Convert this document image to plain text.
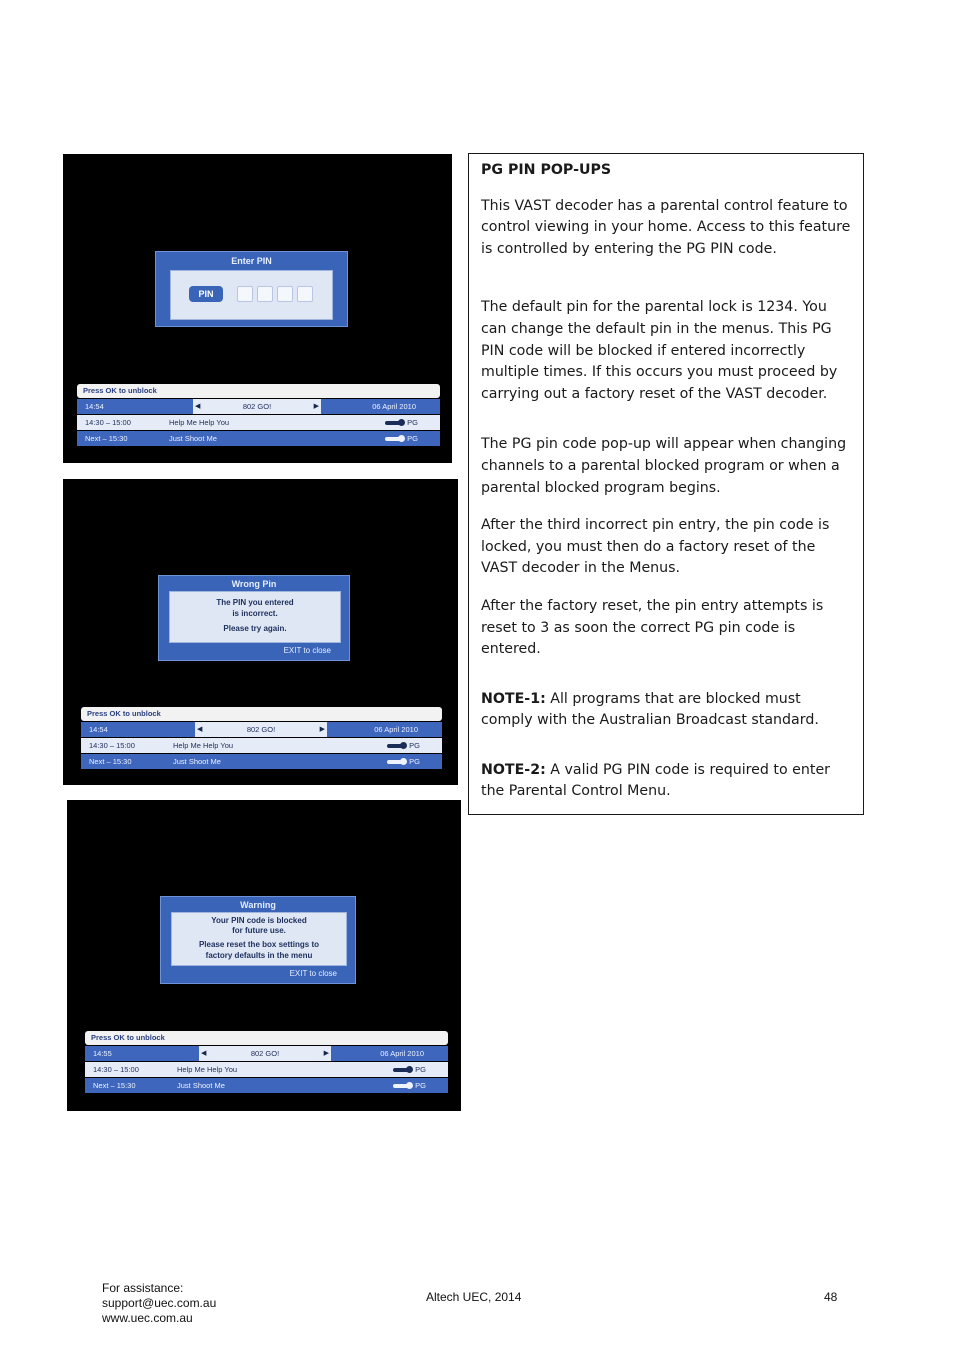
Enter PIN
PIN
Press OK to unblock
14:54	◀	802 GO!	▶	06 April 2010
14:30 – 15:00	Help Me Help You	PG
Next – 15:30	Just Shoot Me	PG
Wrong Pin
The PIN you entered
is incorrect.
Please try again.
EXIT to close
Press OK to unblock
14:54	◀	802 GO!	▶	06 April 2010
14:30 – 15:00	Help Me Help You	PG
Next – 15:30	Just Shoot Me	PG
Warning
Your PIN code is blocked
for future use.
Please reset the box settings to
factory defaults in the menu
EXIT to close
Press OK to unblock
14:55	◀	802 GO!	▶	06 April 2010
14:30 – 15:00	Help Me Help You	PG
Next – 15:30	Just Shoot Me	PG
PG PIN POP-UPS

This VAST decoder has a parental control feature to control viewing in your home. Access to this feature is controlled by entering the PG PIN code.

The default pin for the parental lock is 1234. You can change the default pin in the menus. This PG PIN code will be blocked if entered incorrectly multiple times. If this occurs you must proceed by carrying out a factory reset of the VAST decoder.

The PG pin code pop-up will appear when changing channels to a parental blocked program or when a parental blocked program begins.

After the third incorrect pin entry, the pin code is locked, you must then do a factory reset of the VAST decoder in the Menus.

After the factory reset, the pin entry attempts is reset to 3 as soon the correct PG pin code is entered.

NOTE-1: All programs that are blocked must comply with the Australian Broadcast standard.

NOTE-2: A valid PG PIN code is required to enter the Parental Control Menu.

For assistance:
support@uec.com.au
www.uec.com.au
Altech UEC, 2014	48
